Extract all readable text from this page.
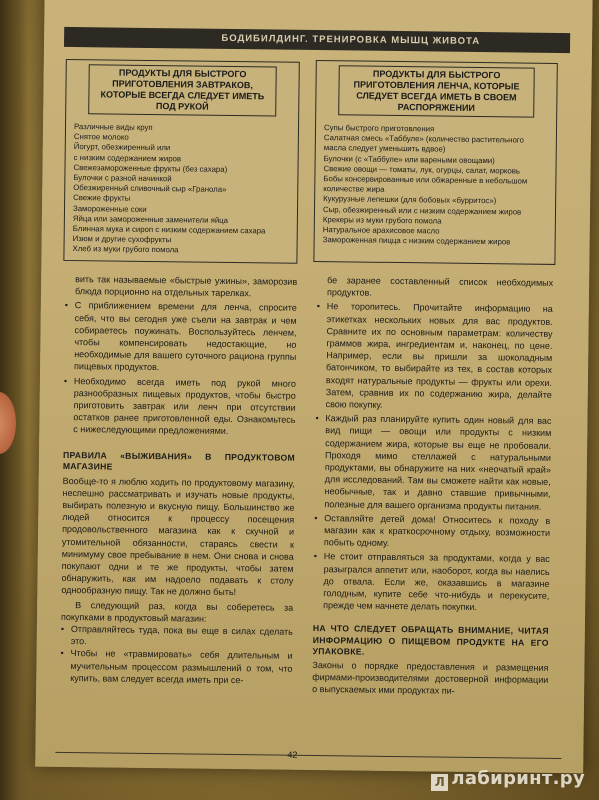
БОДИБИЛДИНГ. ТРЕНИРОВКА МЫШЦ ЖИВОТА
ПРОДУКТЫ ДЛЯ БЫСТРОГО ПРИГОТОВЛЕНИЯ ЗАВТРАКОВ, КОТОРЫЕ ВСЕГДА СЛЕДУЕТ ИМЕТЬ ПОД РУКОЙ
Различные виды круп
Снятое молоко
Йогурт, обезжиренный или
с низким содержанием жиров
Свежезамороженные фрукты (без сахара)
Булочки с разной начинкой
Обезжиренный сливочный сыр «Гранола»
Свежие фрукты
Замороженные соки
Яйца или замороженные заменители яйца
Блинная мука и сироп с низким содержанием сахара
Изюм и другие сухофрукты
Хлеб из муки грубого помола
ПРОДУКТЫ ДЛЯ БЫСТРОГО ПРИГОТОВЛЕНИЯ ЛЕНЧА, КОТОРЫЕ СЛЕДУЕТ ВСЕГДА ИМЕТЬ В СВОЕМ РАСПОРЯЖЕНИИ
Супы быстрого приготовления
Салатная смесь «Таббуле» (количество растительного
масла следует уменьшить вдвое)
Булочки (с «Таббуле» или вареными овощами)
Свежие овощи — томаты, лук, огурцы, салат, морковь
Бобы консервированные или обжаренные в небольшом
количестве жира
Кукурузные лепешки (для бобовых «бурритос»)
Сыр, обезжиренный или с низким содержанием жиров
Крекеры из муки грубого помола
Натуральное арахисовое масло
Замороженная пицца с низким содержанием жиров

вить так называемые «быстрые ужины», заморозив блюда порционно на отдельных тарелках.

• С приближением времени для ленча, спросите себя, что вы сегодня уже съели на завтрак и чем собираетесь поужинать. Воспользуйтесь ленчем, чтобы компенсировать недостающие, но необходимые для вашего суточного рациона группы пищевых продуктов.

• Необходимо всегда иметь под рукой много разнообразных пищевых продуктов, чтобы быстро приготовить завтрак или ленч при отсутствии остатков ранее приготовленной еды. Ознакомьтесь с нижеследующими предложениями.

ПРАВИЛА «ВЫЖИВАНИЯ» В ПРОДУКТОВОМ МАГАЗИНЕ

Вообще-то я люблю ходить по продуктовому магазину, неспешно рассматривать и изучать новые продукты, выбирать полезную и вкусную пищу. Большинство же людей относится к процессу посещения продовольственного магазина как к скучной и утомительной обязанности, стараясь свести к минимуму свое пребывание в нем. Они снова и снова покупают одни и те же продукты, чтобы затем обнаружить, как им надоело подавать к столу однообразную пищу. Так не должно быть!

В следующий раз, когда вы соберетесь за покупками в продуктовый магазин:

• Отправляйтесь туда, пока вы еще в силах сделать это.

• Чтобы не «травмировать» себя длительным и мучительным процессом размышлений о том, что купить, вам следует всегда иметь при се-

бе заранее составленный список необходимых продуктов.

• Не торопитесь. Прочитайте информацию на этикетках нескольких новых для вас продуктов. Сравните их по основным параметрам: количеству граммов жира, ингредиентам и, наконец, по цене. Например, если вы пришли за шоколадным батончиком, то выбирайте из тех, в состав которых входят натуральные продукты — фрукты или орехи. Затем, сравнив их по содержанию жира, делайте свою покупку.

• Каждый раз планируйте купить один новый для вас вид пищи — овощи или продукты с низким содержанием жира, которые вы еще не пробовали. Проходя мимо стеллажей с натуральными продуктами, вы обнаружите на них «неочатый край» для исследований. Там вы сможете найти как новые, необычные, так и давно ставшие привычными, полезные для вашего организма продукты питания.

• Оставляйте детей дома! Относитесь к походу в магазин как к краткосрочному отдыху, возможности побыть одному.

• Не стоит отправляться за продуктами, когда у вас разыгрался аппетит или, наоборот, когда вы наелись до отвала. Если же, оказавшись в магазине голодным, купите себе что-нибудь и перекусите, прежде чем начнете делать покупки.

НА ЧТО СЛЕДУЕТ ОБРАЩАТЬ ВНИМАНИЕ, ЧИТАЯ ИНФОРМАЦИЮ О ПИЩЕВОМ ПРОДУКТЕ НА ЕГО УПАКОВКЕ.

Законы о порядке предоставления и размещения фирмами-производителями достоверной информации о выпускаемых ими продуктах пи-

42
Л лабиринт.ру
